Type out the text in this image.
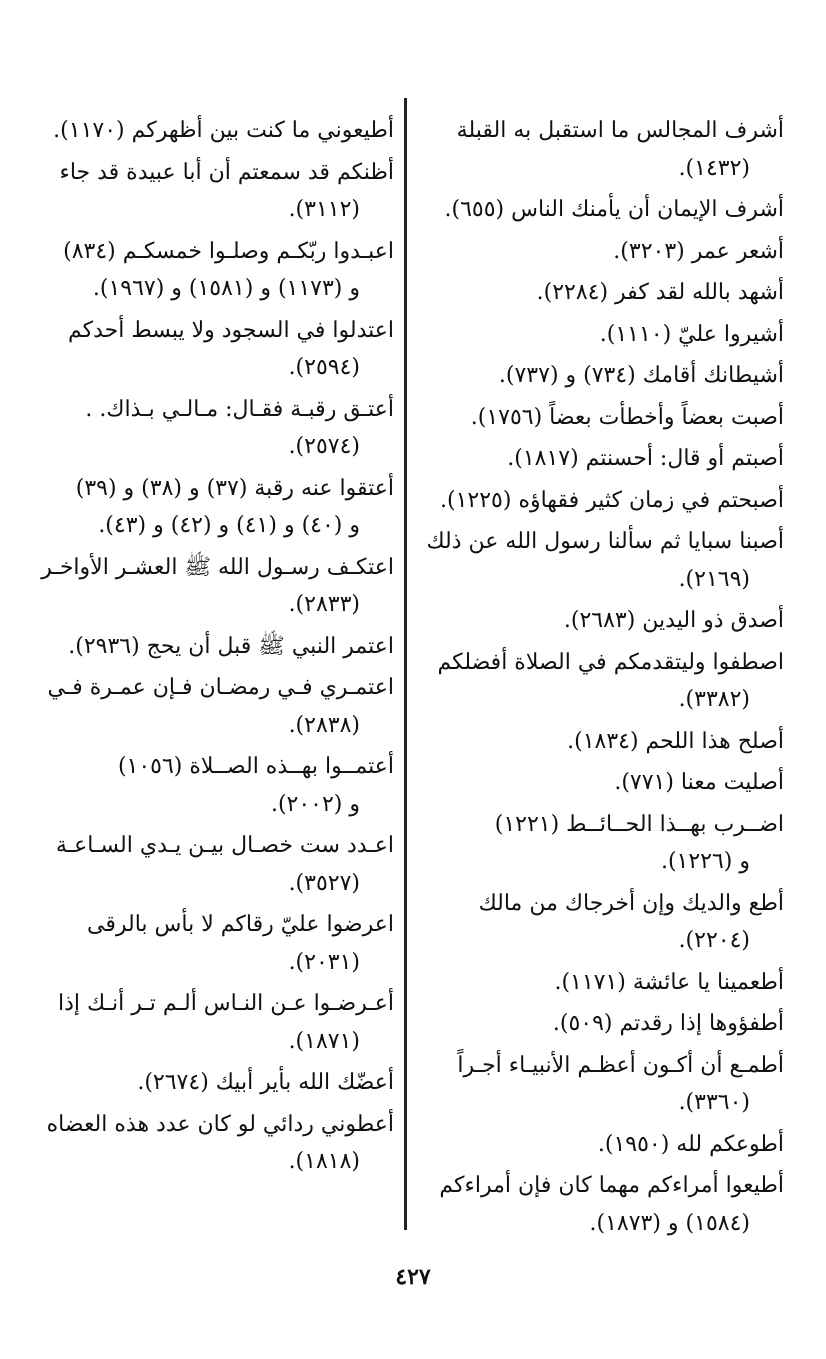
أشرف المجالس ما استقبل به القبلة
(١٤٣٢).
أشرف الإيمان أن يأمنك الناس (٦٥٥).
أشعر عمر (٣٢٠٣).
أشهد بالله لقد كفر (٢٢٨٤).
أشيروا عليّ (١١١٠).
أشيطانك أقامك (٧٣٤) و (٧٣٧).
أصبت بعضاً وأخطأت بعضاً (١٧٥٦).
أصبتم أو قال: أحسنتم (١٨١٧).
أصبحتم في زمان كثير فقهاؤه (١٢٢٥).
أصبنا سبايا ثم سألنا رسول الله عن ذلك
(٢١٦٩).
أصدق ذو اليدين (٢٦٨٣).
اصطفوا وليتقدمكم في الصلاة أفضلكم
(٣٣٨٢).
أصلح هذا اللحم (١٨٣٤).
أصليت معنا (٧٧١).
اضــرب بهــذا الحــائــط (١٢٢١)
و (١٢٢٦).
أطع والديك وإن أخرجاك من مالك
(٢٢٠٤).
أطعمينا يا عائشة (١١٧١).
أطفؤوها إذا رقدتم (٥٠٩).
أطمـع أن أكـون أعظـم الأنبيـاء أجـراً
(٣٣٦٠).
أطوعكم لله (١٩٥٠).
أطيعوا أمراءكم مهما كان فإن أمراءكم
(١٥٨٤) و (١٨٧٣).
أطيعوني ما كنت بين أظهركم (١١٧٠).
أظنكم قد سمعتم أن أبا عبيدة قد جاء
(٣١١٢).
اعبـدوا ربّكـم وصلـوا خمسكـم (٨٣٤)
و (١١٧٣) و (١٥٨١) و (١٩٦٧).
اعتدلوا في السجود ولا يبسط أحدكم
(٢٥٩٤).
أعتـق رقبـة فقـال: مـالـي بـذاك. .
(٢٥٧٤).
أعتقوا عنه رقبة (٣٧) و (٣٨) و (٣٩)
و (٤٠) و (٤١) و (٤٢) و (٤٣).
اعتكـف رسـول الله ﷺ العشـر الأواخـر
(٢٨٣٣).
اعتمر النبي ﷺ قبل أن يحج (٢٩٣٦).
اعتمـري فـي رمضـان فـإن عمـرة فـي
(٢٨٣٨).
أعتمــوا بهــذه الصــلاة (١٠٥٦)
و (٢٠٠٢).
اعـدد ست خصـال بيـن يـدي السـاعـة
(٣٥٢٧).
اعرضوا عليّ رقاكم لا بأس بالرقى
(٢٠٣١).
أعـرضـوا عـن النـاس ألـم تـر أنـك إذا
(١٨٧١).
أعضّك الله بأير أبيك (٢٦٧٤).
أعطوني ردائي لو كان عدد هذه العضاه
(١٨١٨).
٤٢٧
